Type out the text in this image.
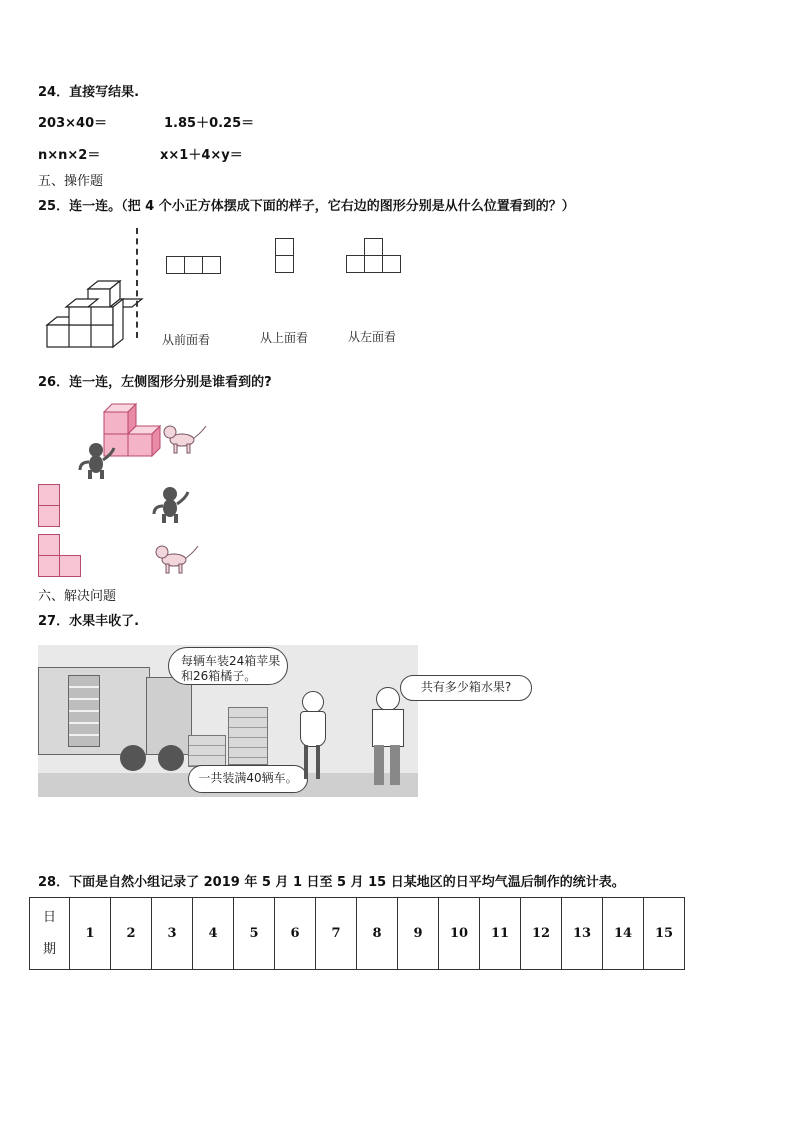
24．直接写结果.
203×40＝	1.85＋0.25＝
n×n×2＝	x×1＋4×y＝
五、操作题
25．连一连。（把 4 个小正方体摆成下面的样子，它右边的图形分别是从什么位置看到的？）
从前面看	从上面看	从左面看
26．连一连，左侧图形分别是谁看到的?
六、解决问题
27．水果丰收了.
每辆车装24箱苹果
和26箱橘子。
一共装满40辆车。
共有多少箱水果?
28．下面是自然小组记录了 2019 年 5 月 1 日至 5 月 15 日某地区的日平均气温后制作的统计表。
日
期
	1	2	3	4	5	6	7	8	9	10	11	12	13	14	15
